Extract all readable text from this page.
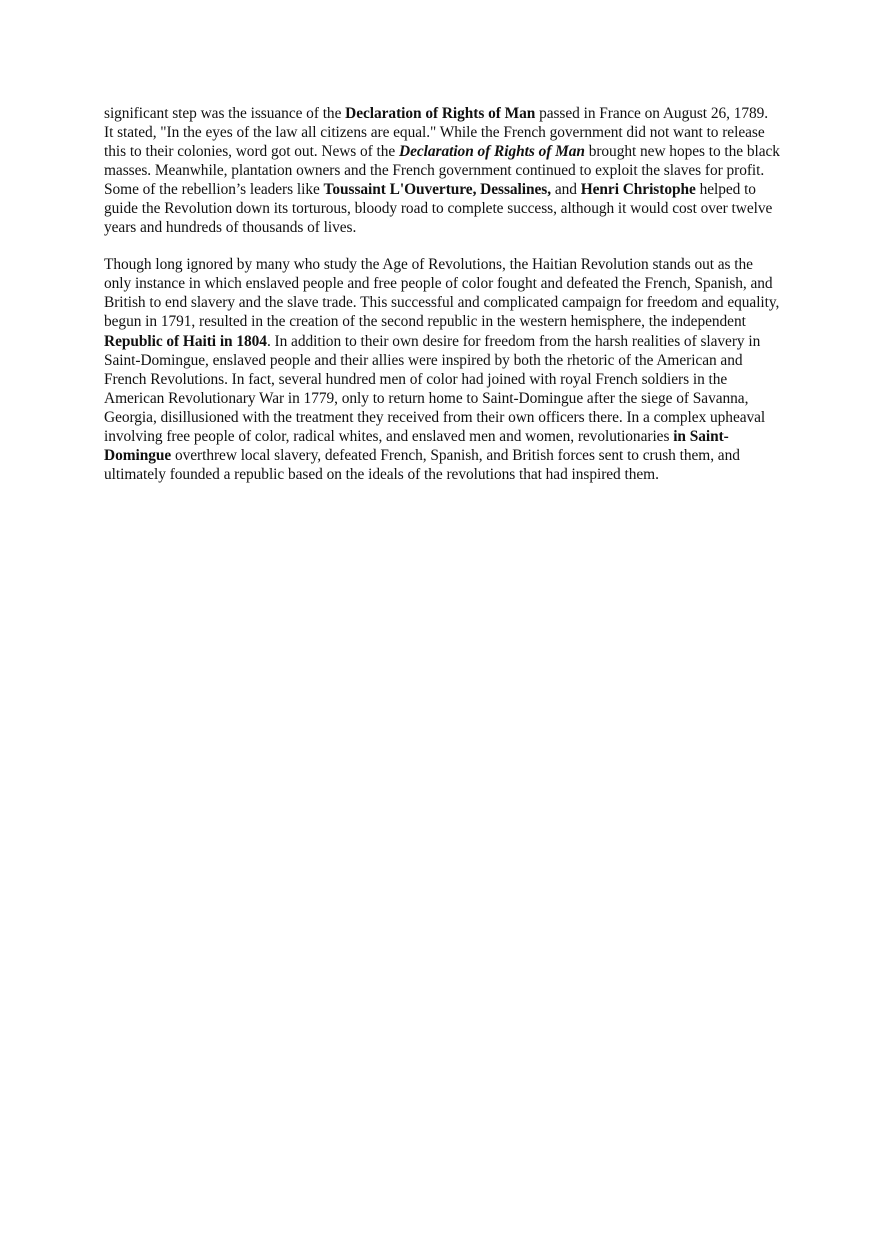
significant step was the issuance of the Declaration of Rights of Man passed in France on August 26, 1789. It stated, "In the eyes of the law all citizens are equal." While the French government did not want to release this to their colonies, word got out. News of the Declaration of Rights of Man brought new hopes to the black masses. Meanwhile, plantation owners and the French government continued to exploit the slaves for profit. Some of the rebellion’s leaders like Toussaint L'Ouverture, Dessalines, and Henri Christophe helped to guide the Revolution down its torturous, bloody road to complete success, although it would cost over twelve years and hundreds of thousands of lives.

Though long ignored by many who study the Age of Revolutions, the Haitian Revolution stands out as the only instance in which enslaved people and free people of color fought and defeated the French, Spanish, and British to end slavery and the slave trade. This successful and complicated campaign for freedom and equality, begun in 1791, resulted in the creation of the second republic in the western hemisphere, the independent Republic of Haiti in 1804. In addition to their own desire for freedom from the harsh realities of slavery in Saint-Domingue, enslaved people and their allies were inspired by both the rhetoric of the American and French Revolutions. In fact, several hundred men of color had joined with royal French soldiers in the American Revolutionary War in 1779, only to return home to Saint-Domingue after the siege of Savanna, Georgia, disillusioned with the treatment they received from their own officers there. In a complex upheaval involving free people of color, radical whites, and enslaved men and women, revolutionaries in Saint-Domingue overthrew local slavery, defeated French, Spanish, and British forces sent to crush them, and ultimately founded a republic based on the ideals of the revolutions that had inspired them.
